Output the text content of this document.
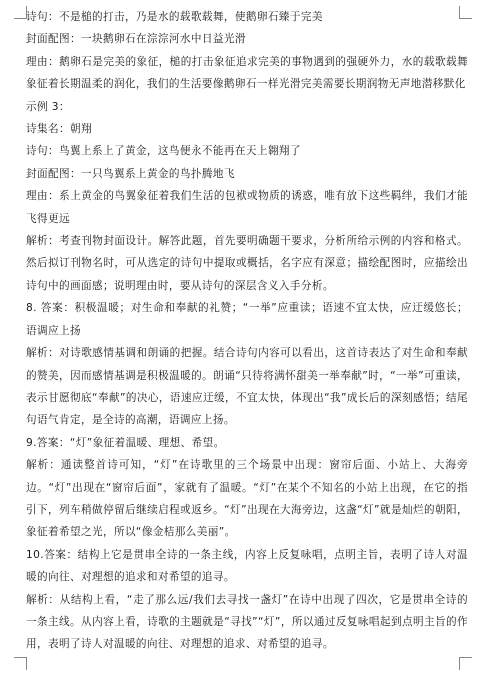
诗句：不是槌的打击，乃是水的载歌载舞，使鹅卵石臻于完美

封面配图：一块鹅卵石在淙淙河水中日益光滑

理由：鹅卵石是完美的象征，槌的打击象征追求完美的事物遇到的强硬外力，水的载歌载舞象征着长期温柔的润化，我们的生活要像鹅卵石一样光滑完美需要长期润物无声地潜移默化

示例 3：

诗集名：朝翔

诗句：鸟翼上系上了黄金，这鸟便永不能再在天上翱翔了

封面配图：一只鸟翼系上黄金的鸟扑腾地飞

理由：系上黄金的鸟翼象征着我们生活的包袱或物质的诱惑，唯有放下这些羁绊，我们才能飞得更远

解析：考查刊物封面设计。解答此题，首先要明确题干要求，分析所给示例的内容和格式。然后拟订刊物名时，可从选定的诗句中提取或概括，名字应有深意；描绘配图时，应描绘出诗句中的画面感；说明理由时，要从诗句的深层含义入手分析。

8. 答案：积极温暖；对生命和奉献的礼赞；“一举”应重读；语速不宜太快，应迂缓悠长；语调应上扬

解析：对诗歌感情基调和朗诵的把握。结合诗句内容可以看出，这首诗表达了对生命和奉献的赞美，因而感情基调是积极温暖的。朗诵“只待将满怀甜美一举奉献”时，“一举”可重读，表示甘愿彻底“奉献”的决心，语速应迂缓，不宜太快，体现出“我”成长后的深刻感悟；结尾句语气肯定，是全诗的高潮，语调应上扬。

9.答案：“灯”象征着温暖、理想、希望。

解析：通读整首诗可知，“灯”在诗歌里的三个场景中出现：窗帘后面、小站上、大海旁边。“灯”出现在“窗帘后面”，家就有了温暖。“灯”在某个不知名的小站上出现，在它的指引下，列车稍做停留后继续启程或返乡。“灯”出现在大海旁边，这盏“灯”就是灿烂的朝阳，象征着希望之光，所以“像金桔那么美丽”。

10.答案：结构上它是贯串全诗的一条主线，内容上反复咏唱，点明主旨，表明了诗人对温暖的向往、对理想的追求和对希望的追寻。

解析：从结构上看，“走了那么远/我们去寻找一盏灯”在诗中出现了四次，它是贯串全诗的一条主线。从内容上看，诗歌的主题就是“寻找”“灯”，所以通过反复咏唱起到点明主旨的作用，表明了诗人对温暖的向往、对理想的追求、对希望的追寻。
